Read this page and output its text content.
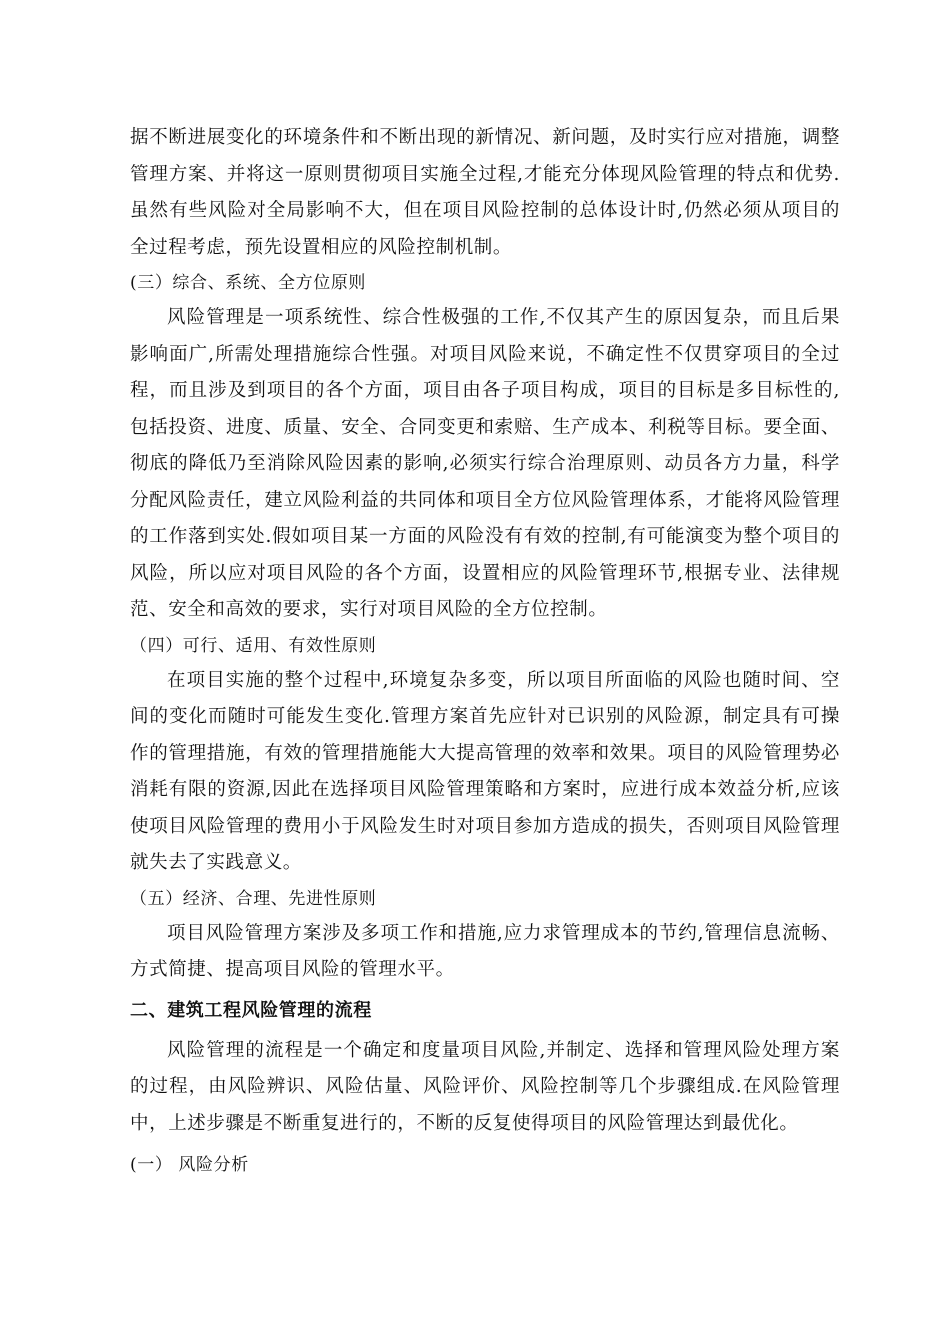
据不断进展变化的环境条件和不断出现的新情况、新问题，及时实行应对措施，调整管理方案、并将这一原则贯彻项目实施全过程,才能充分体现风险管理的特点和优势.虽然有些风险对全局影响不大，但在项目风险控制的总体设计时,仍然必须从项目的全过程考虑，预先设置相应的风险控制机制。

(三）综合、系统、全方位原则

风险管理是一项系统性、综合性极强的工作,不仅其产生的原因复杂，而且后果影响面广,所需处理措施综合性强。对项目风险来说，不确定性不仅贯穿项目的全过程，而且涉及到项目的各个方面，项目由各子项目构成，项目的目标是多目标性的,包括投资、进度、质量、安全、合同变更和索赔、生产成本、利税等目标。要全面、彻底的降低乃至消除风险因素的影响,必须实行综合治理原则、动员各方力量，科学分配风险责任，建立风险利益的共同体和项目全方位风险管理体系，才能将风险管理的工作落到实处.假如项目某一方面的风险没有有效的控制,有可能演变为整个项目的风险，所以应对项目风险的各个方面，设置相应的风险管理环节,根据专业、法律规范、安全和高效的要求，实行对项目风险的全方位控制。

（四）可行、适用、有效性原则

在项目实施的整个过程中,环境复杂多变，所以项目所面临的风险也随时间、空间的变化而随时可能发生变化.管理方案首先应针对已识别的风险源，制定具有可操作的管理措施，有效的管理措施能大大提高管理的效率和效果。项目的风险管理势必消耗有限的资源,因此在选择项目风险管理策略和方案时，应进行成本效益分析,应该使项目风险管理的费用小于风险发生时对项目参加方造成的损失，否则项目风险管理就失去了实践意义。

（五）经济、合理、先进性原则

项目风险管理方案涉及多项工作和措施,应力求管理成本的节约,管理信息流畅、方式简捷、提高项目风险的管理水平。

二、建筑工程风险管理的流程

风险管理的流程是一个确定和度量项目风险,并制定、选择和管理风险处理方案的过程，由风险辨识、风险估量、风险评价、风险控制等几个步骤组成.在风险管理中，上述步骤是不断重复进行的，不断的反复使得项目的风险管理达到最优化。

(一） 风险分析
